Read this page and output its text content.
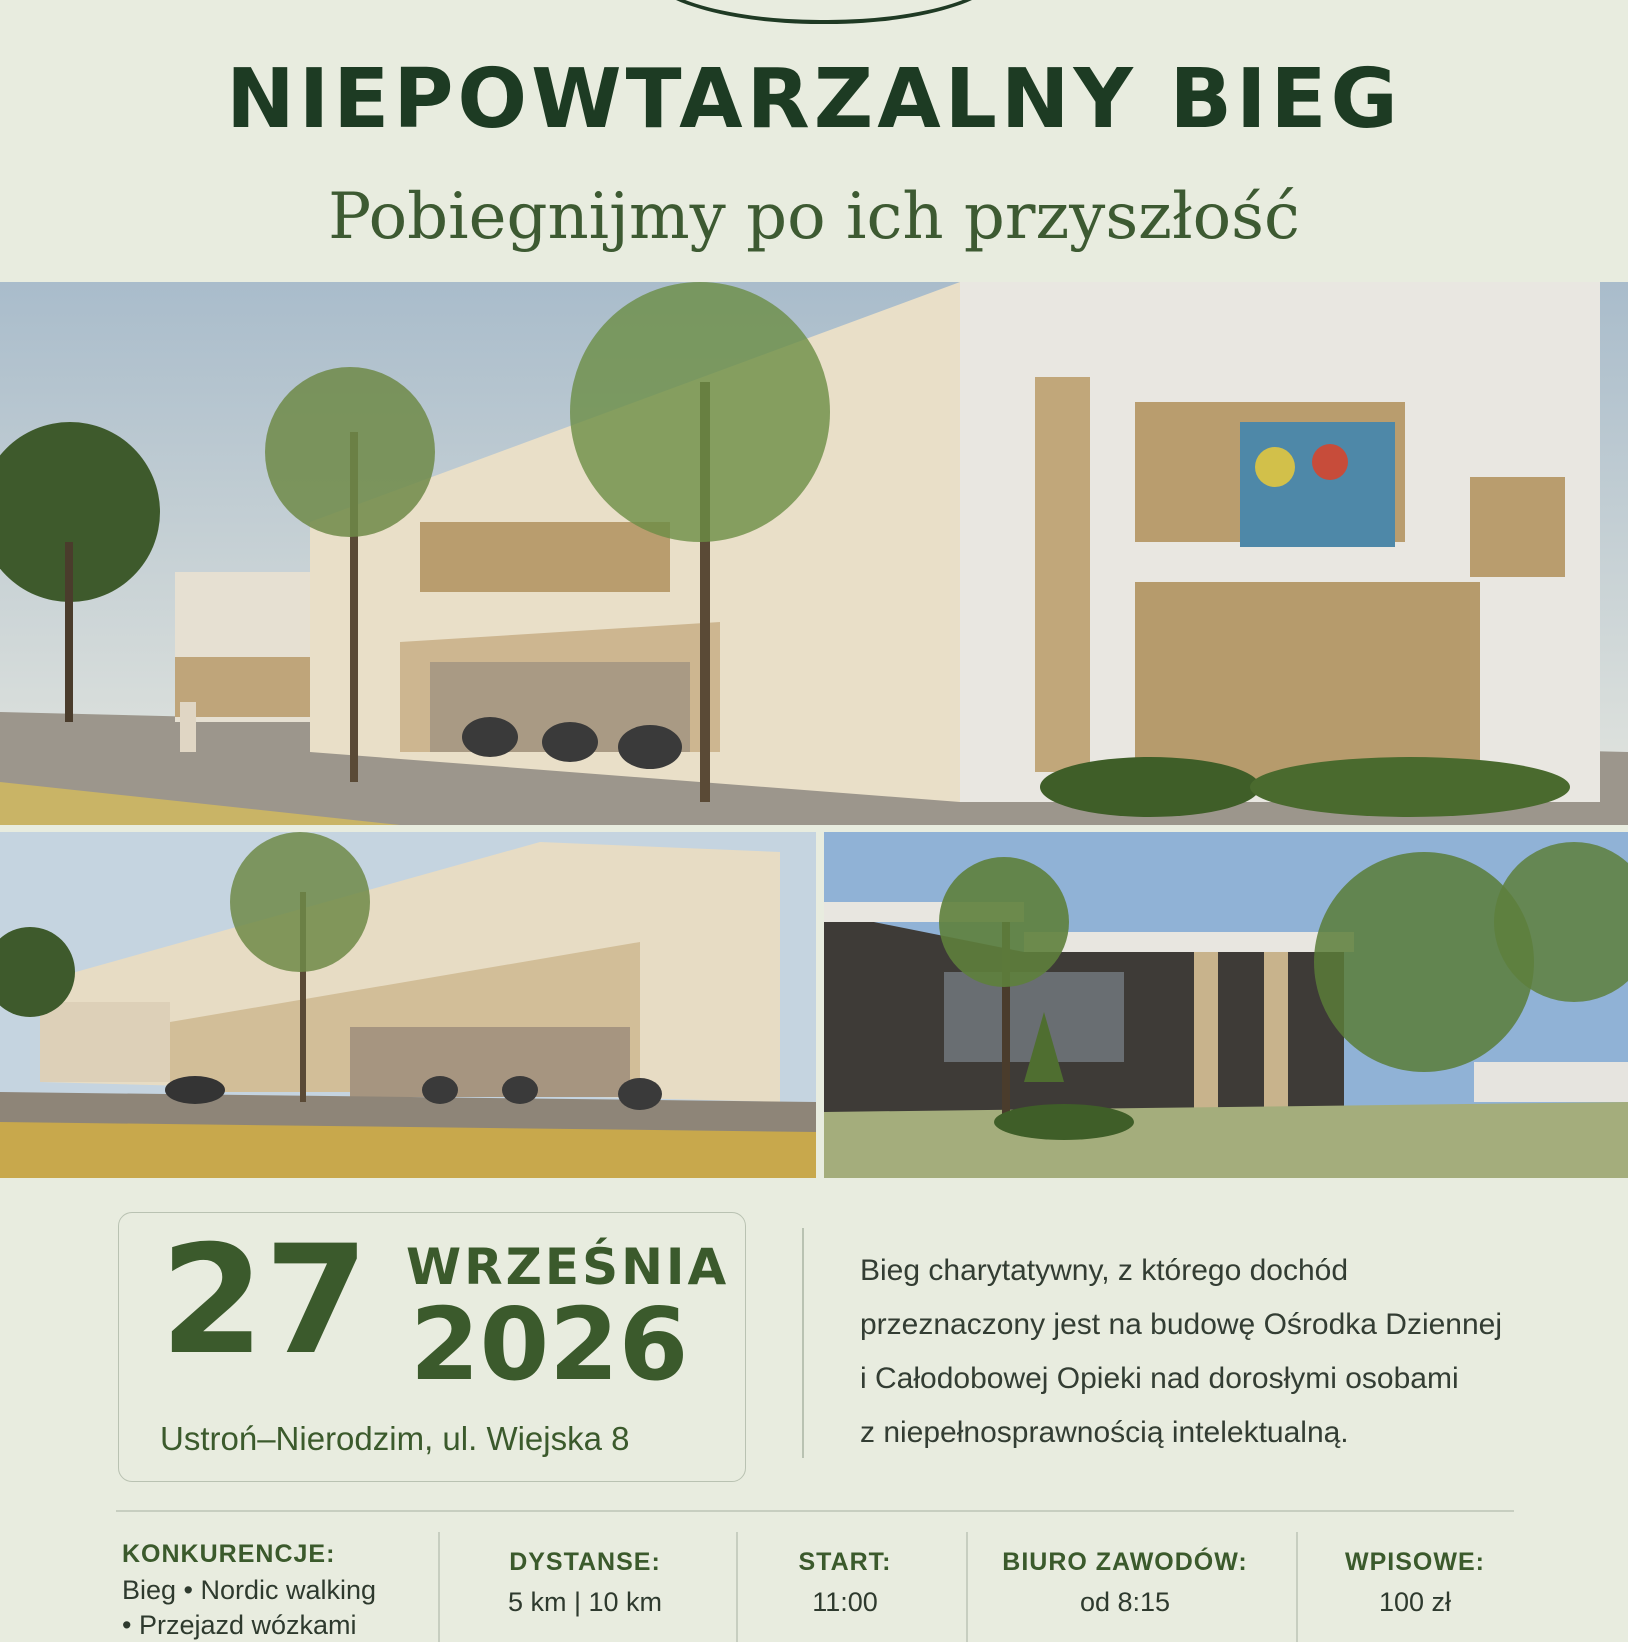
NIEPOWTARZALNY BIEG
Pobiegnijmy po ich przyszłość
27 WRZEŚNIA
2026
Ustroń–Nierodzim, ul. Wiejska 8
Bieg charytatywny, z którego dochód
przeznaczony jest na budowę Ośrodka Dziennej
i Całodobowej Opieki nad dorosłymi osobami
z niepełnosprawnością intelektualną.
KONKURENCJE:
Bieg • Nordic walking
• Przejazd wózkami
DYSTANSE:
5 km | 10 km
START:
11:00
BIURO ZAWODÓW:
od 8:15
WPISOWE:
100 zł
